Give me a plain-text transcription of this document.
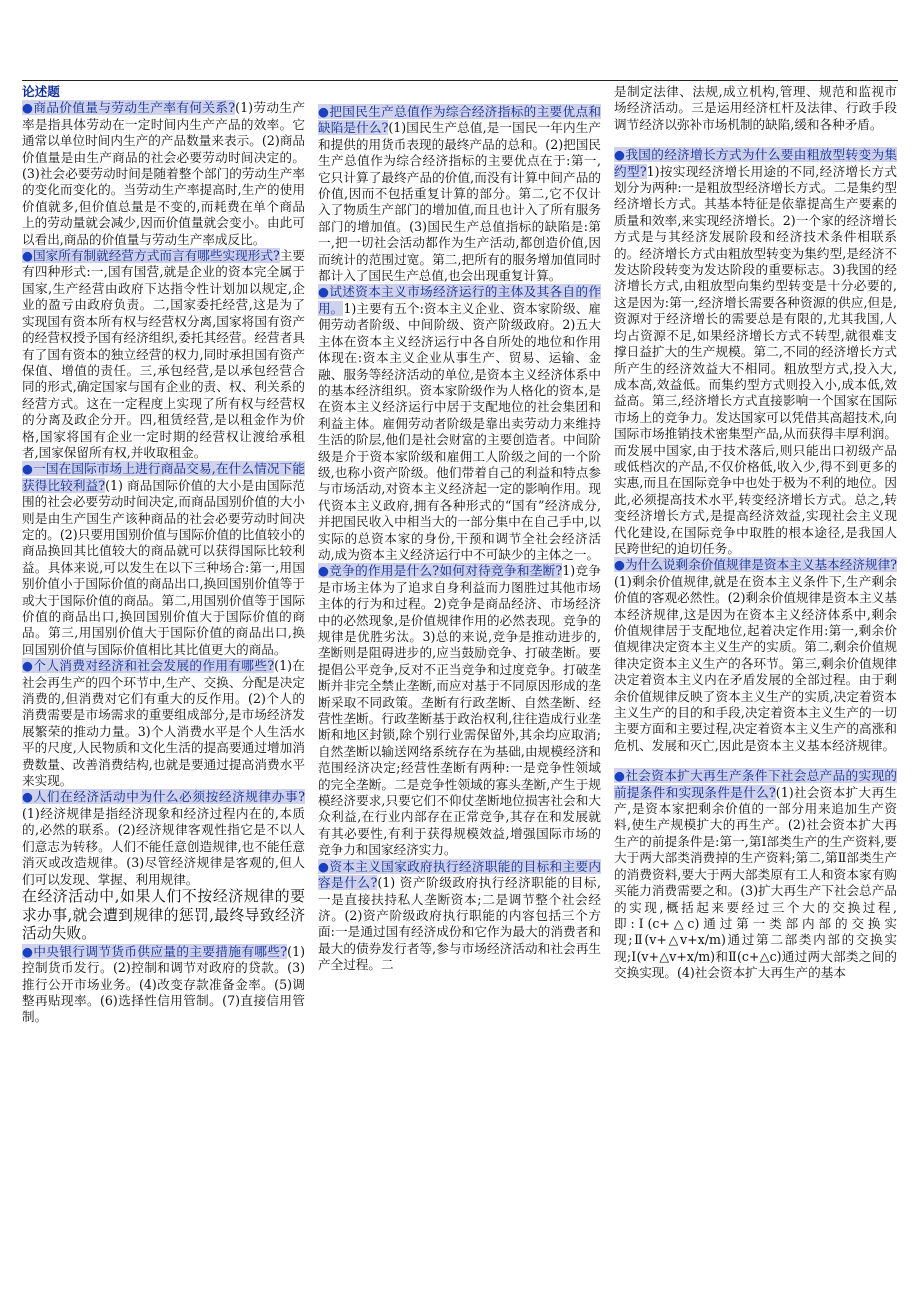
论述题

●商品价值量与劳动生产率有何关系?(1)劳动生产率是指具体劳动在一定时间内生产产品的效率。它通常以单位时间内生产的产品数量来表示。(2)商品价值量是由生产商品的社会必要劳动时间决定的。 (3)社会必要劳动时间是随着整个部门的劳动生产率的变化而变化的。当劳动生产率提高时,生产的使用价值就多,但价值总量是不变的,而耗费在单个商品上的劳动量就会减少,因而价值量就会变小。由此可以看出,商品的价值量与劳动生产率成反比。

●国家所有制就经营方式而言有哪些实现形式?主要有四种形式:一,国有国营,就是企业的资本完全属于国家,生产经营由政府下达指令性计划加以规定,企业的盈亏由政府负责。二,国家委托经营,这是为了实现国有资本所有权与经营权分离,国家将国有资产的经营权授予国有经济组织,委托其经营。经营者具有了国有资本的独立经营的权力,同时承担国有资产保值、增值的责任。三,承包经营,是以承包经营合同的形式,确定国家与国有企业的责、权、利关系的经营方式。这在一定程度上实现了所有权与经营权的分离及政企分开。四,租赁经营,是以租金作为价格,国家将国有企业一定时期的经营权让渡给承租者,国家保留所有权,并收取租金。

●一国在国际市场上进行商品交易,在什么情况下能获得比较利益?(1) 商品国际价值的大小是由国际范围的社会必要劳动时间决定,而商品国别价值的大小则是由生产国生产该种商品的社会必要劳动时间决定的。(2)只要用国别价值与国际价值的比值较小的商品换回其比值较大的商品就可以获得国际比较利益。具体来说,可以发生在以下三种场合:第一,用国别价值小于国际价值的商品出口,换回国别价值等于或大于国际价值的商品。第二,用国别价值等于国际价值的商品出口,换回国别价值大于国际价值的商品。第三,用国别价值大于国际价值的商品出口,换回国别价值与国际价值相比其比值更大的商品。

●个人消费对经济和社会发展的作用有哪些?(1)在社会再生产的四个环节中,生产、交换、分配是决定消费的,但消费对它们有重大的反作用。(2)个人的消费需要是市场需求的重要组成部分,是市场经济发展繁荣的推动力量。3)个人消费水平是个人生活水平的尺度,人民物质和文化生活的提高要通过增加消费数量、改善消费结构,也就是要通过提高消费水平来实现。

●人们在经济活动中为什么必须按经济规律办事?(1)经济规律是指经济现象和经济过程内在的,本质的,必然的联系。(2)经济规律客观性指它是不以人们意志为转移。人们不能任意创造规律,也不能任意消灭或改造规律。(3)尽管经济规律是客观的,但人们可以发现、掌握、利用规律。

在经济活动中,如果人们不按经济规律的要求办事,就会遭到规律的惩罚,最终导致经济活动失败。

●中央银行调节货币供应量的主要措施有哪些?(1)控制货币发行。(2)控制和调节对政府的贷款。(3)推行公开市场业务。(4)改变存款准备金率。(5)调整再贴现率。(6)选择性信用管制。(7)直接信用管制。

●把国民生产总值作为综合经济指标的主要优点和缺陷是什么?(1)国民生产总值,是一国民一年内生产和提供的用货币表现的最终产品的总和。(2)把国民生产总值作为综合经济指标的主要优点在于:第一,它只计算了最终产品的价值,而没有计算中间产品的价值,因而不包括重复计算的部分。第二,它不仅计入了物质生产部门的增加值,而且也计入了所有服务部门的增加值。(3)国民生产总值指标的缺陷是:第一,把一切社会活动都作为生产活动,都创造价值,因而统计的范围过宽。第二,把所有的服务增加值同时都计入了国民生产总值,也会出现重复计算。

●试述资本主义市场经济运行的主体及其各自的作用。1)主要有五个:资本主义企业、资本家阶级、雇佣劳动者阶级、中间阶级、资产阶级政府。2)五大主体在资本主义经济运行中各自所处的地位和作用体现在:资本主义企业从事生产、贸易、运输、金融、服务等经济活动的单位,是资本主义经济体系中的基本经济组织。资本家阶级作为人格化的资本,是在资本主义经济运行中居于支配地位的社会集团和利益主体。雇佣劳动者阶级是靠出卖劳动力来维持生活的阶层,他们是社会财富的主要创造者。中间阶级是介于资本家阶级和雇佣工人阶级之间的一个阶级,也称小资产阶级。他们带着自己的利益和特点参与市场活动,对资本主义经济起一定的影响作用。现代资本主义政府,拥有各种形式的“国有”经济成分,并把国民收入中相当大的一部分集中在自己手中,以实际的总资本家的身份,干预和调节全社会经济活动,成为资本主义经济运行中不可缺少的主体之一。

●竞争的作用是什么?如何对待竞争和垄断?1)竞争是市场主体为了追求自身利益而力图胜过其他市场主体的行为和过程。2)竞争是商品经济、市场经济中的必然现象,是价值规律作用的必然表现。竞争的规律是优胜劣汰。3)总的来说,竞争是推动进步的,垄断则是阻碍进步的,应当鼓励竞争、打破垄断。要提倡公平竞争,反对不正当竞争和过度竞争。打破垄断并非完全禁止垄断,而应对基于不同原因形成的垄断采取不同政策。垄断有行政垄断、自然垄断、经营性垄断。行政垄断基于政治权利,往往造成行业垄断和地区封锁,除个别行业需保留外,其余均应取消;自然垄断以输送网络系统存在为基础,由规模经济和范围经济决定;经营性垄断有两种:一是竞争性领域的完全垄断。二是竞争性领域的寡头垄断,产生于规模经济要求,只要它们不仰仗垄断地位损害社会和大众利益,在行业内部存在正常竞争,其存在和发展就有其必要性,有利于获得规模效益,增强国际市场的竞争力和国家经济实力。

●资本主义国家政府执行经济职能的目标和主要内容是什么?(1) 资产阶级政府执行经济职能的目标,一是直接扶持私人垄断资本;二是调节整个社会经济。(2)资产阶级政府执行职能的内容包括三个方面:一是通过国有经济成份和它作为最大的消费者和最大的债券发行者等,参与市场经济活动和社会再生产全过程。二

是制定法律、法规,成立机构,管理、规范和监视市场经济活动。三是运用经济杠杆及法律、行政手段调节经济以弥补市场机制的缺陷,缓和各种矛盾。

●我国的经济增长方式为什么要由粗放型转变为集约型?1)按实现经济增长用途的不同,经济增长方式划分为两种:一是粗放型经济增长方式。二是集约型经济增长方式。其基本特征是依靠提高生产要素的质量和效率,来实现经济增长。2)一个家的经济增长方式是与其经济发展阶段和经济技术条件相联系的。经济增长方式由粗放型转变为集约型,是经济不发达阶段转变为发达阶段的重要标志。3)我国的经济增长方式,由粗放型向集约型转变是十分必要的,这是因为:第一,经济增长需要各种资源的供应,但是,资源对于经济增长的需要总是有限的,尤其我国,人均占资源不足,如果经济增长方式不转型,就很难支撑日益扩大的生产规模。第二,不同的经济增长方式所产生的经济效益大不相同。粗放型方式,投入大,成本高,效益低。而集约型方式则投入小,成本低,效益高。第三,经济增长方式直接影响一个国家在国际市场上的竞争力。发达国家可以凭借其高超技术,向国际市场推销技术密集型产品,从而获得丰厚利润。而发展中国家,由于技术落后,则只能出口初级产品或低档次的产品,不仅价格低,收入少,得不到更多的实惠,而且在国际竞争中也处于极为不利的地位。因此,必须提高技术水平,转变经济增长方式。总之,转变经济增长方式,是提高经济效益,实现社会主义现代化建设,在国际竞争中取胜的根本途径,是我国人民跨世纪的迫切任务。

●为什么说剩余价值规律是资本主义基本经济规律?(1)剩余价值规律,就是在资本主义条件下,生产剩余价值的客观必然性。(2)剩余价值规律是资本主义基本经济规律,这是因为在资本主义经济体系中,剩余价值规律居于支配地位,起着决定作用:第一,剩余价值规律决定资本主义生产的实质。第二,剩余价值规律决定资本主义生产的各环节。第三,剩余价值规律决定着资本主义内在矛盾发展的全部过程。由于剩余价值规律反映了资本主义生产的实质,决定着资本主义生产的目的和手段,决定着资本主义生产的一切主要方面和主要过程,决定着资本主义生产的高涨和危机、发展和灭亡,因此是资本主义基本经济规律。

●社会资本扩大再生产条件下社会总产品的实现的前提条件和实现条件是什么?(1)社会资本扩大再生产,是资本家把剩余价值的一部分用来追加生产资料,使生产规模扩大的再生产。(2)社会资本扩大再生产的前提条件是:第一,第Ⅰ部类生产的生产资料,要大于两大部类消费掉的生产资料;第二,第Ⅱ部类生产的消费资料,要大于两大部类原有工人和资本家有购买能力消费需要之和。(3)扩大再生产下社会总产品的实现,概括起来要经过三个大的交换过程,即:Ⅰ(c+△c)通过第一类部内部的交换实现;Ⅱ(v+△v+x/m)通过第二部类内部的交换实现;Ⅰ(v+△v+x/m)和Ⅱ(c+△c)通过两大部类之间的交换实现。(4)社会资本扩大再生产的基本
